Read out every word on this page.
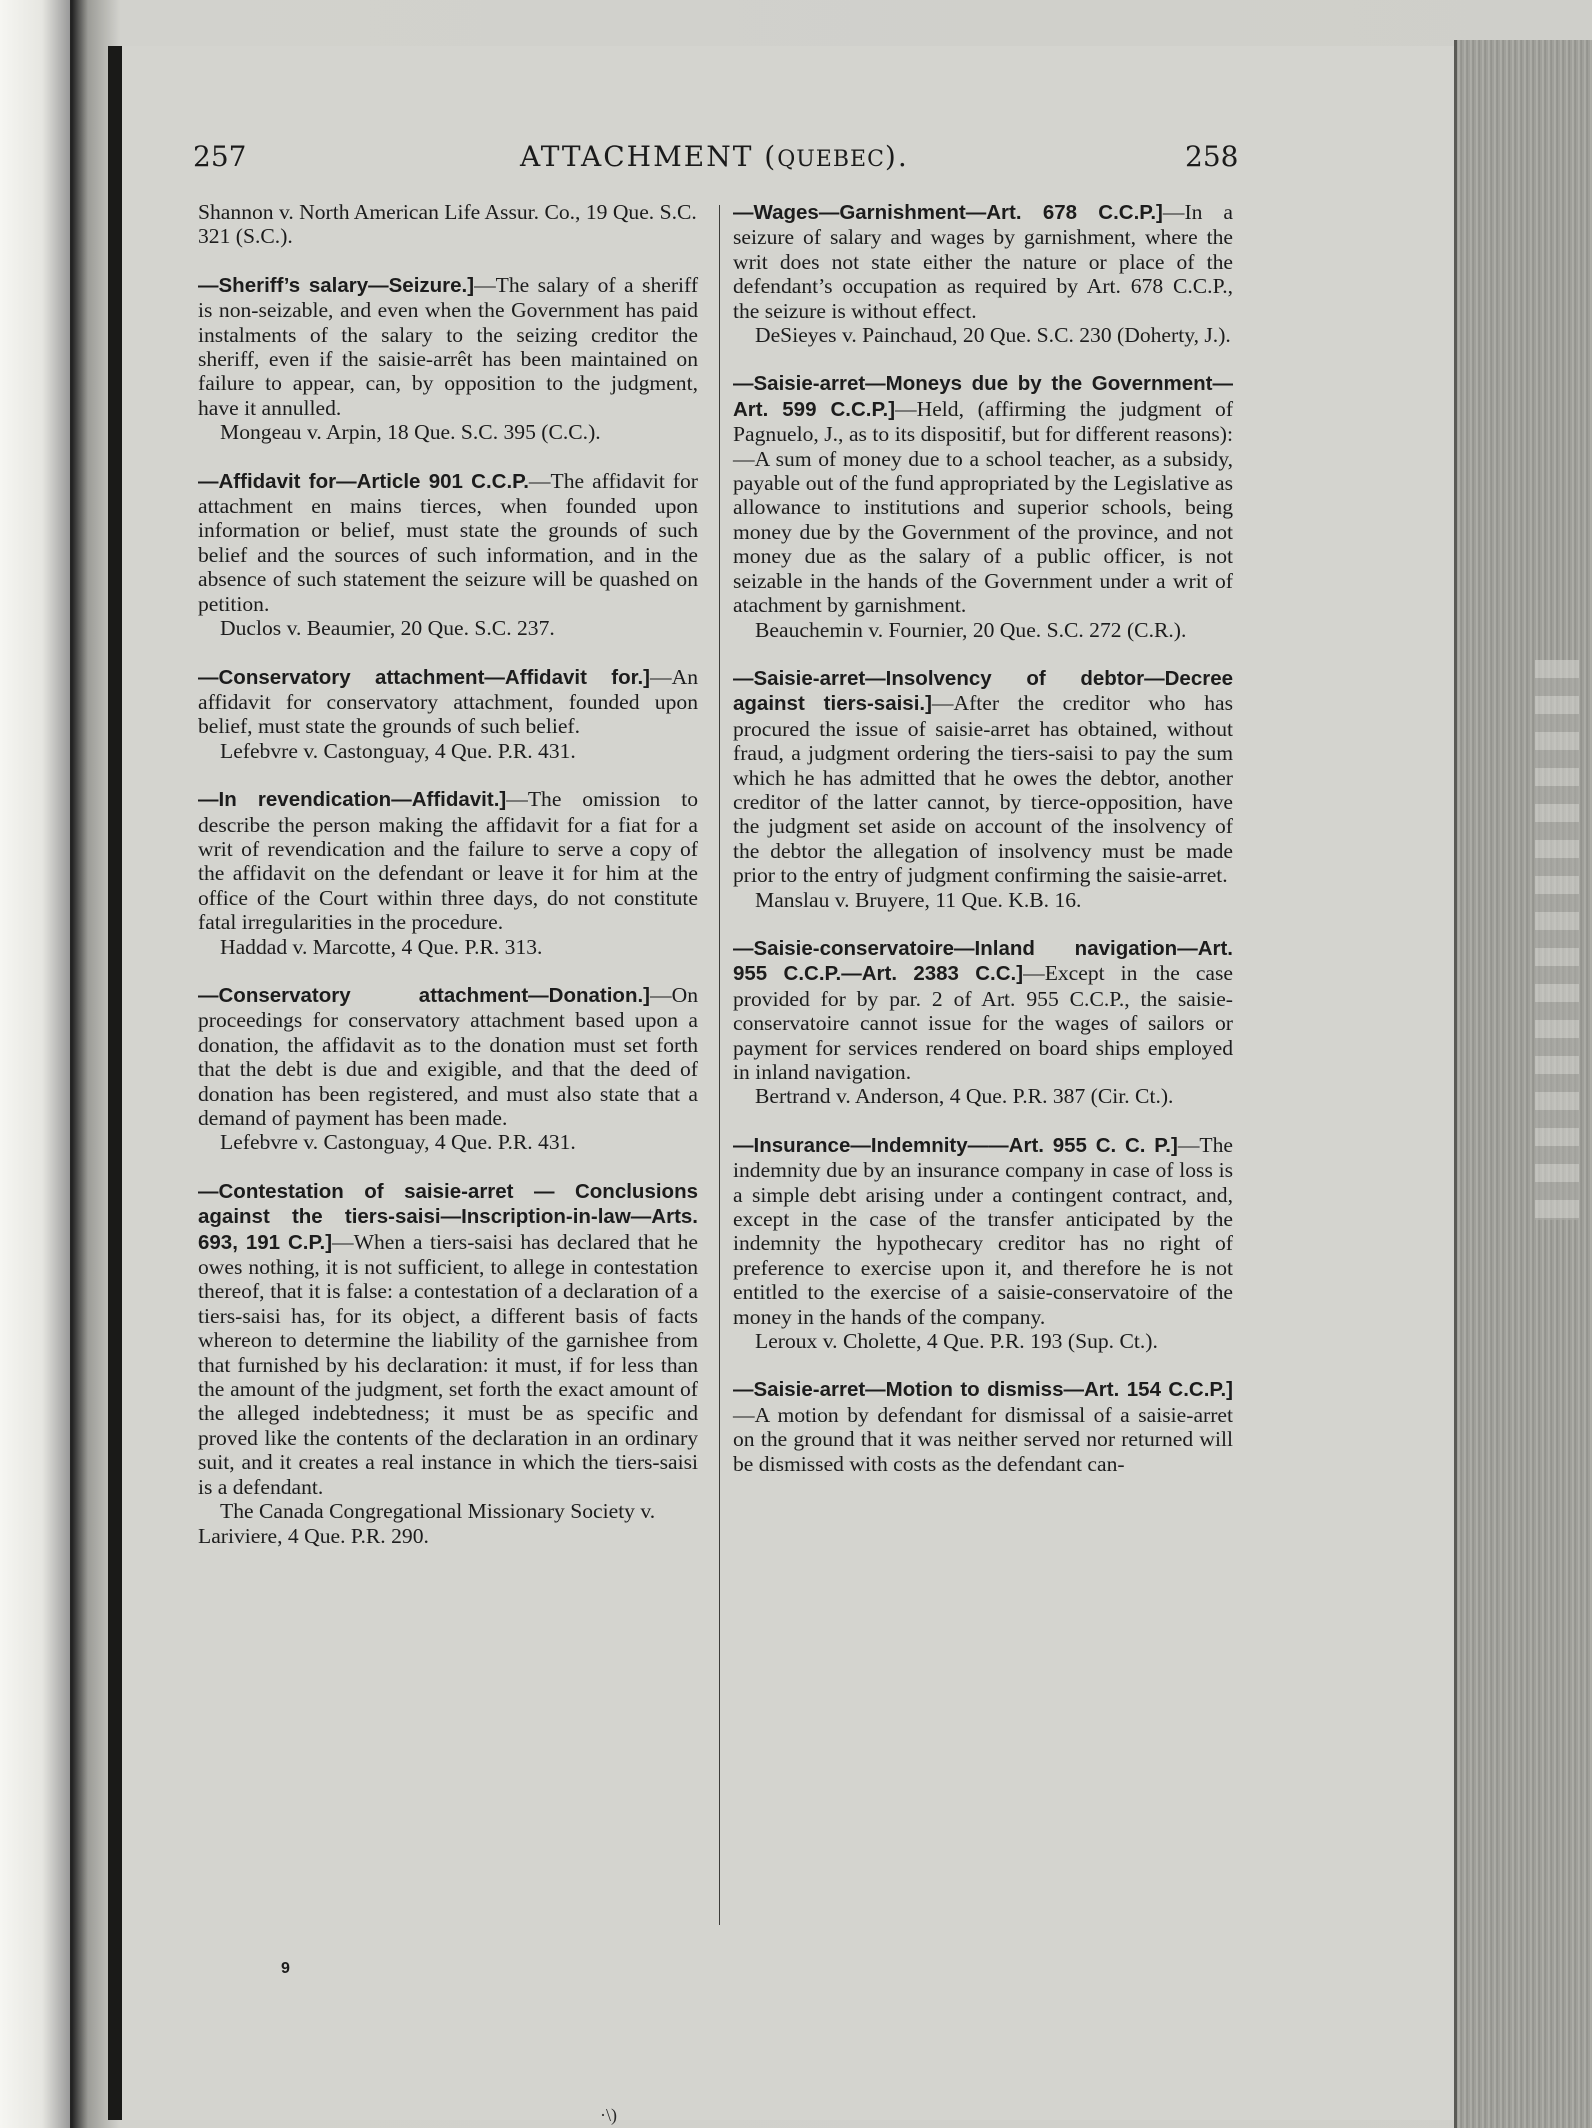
257	ATTACHMENT (QUEBEC).	258

Shannon v. North American Life Assur. Co., 19 Que. S.C. 321 (S.C.).

—Sheriff’s salary—Seizure.]—The salary of a sheriff is non-seizable, and even when the Government has paid instalments of the salary to the seizing creditor the sheriff, even if the saisie-arrêt has been maintained on failure to appear, can, by opposition to the judgment, have it annulled.

Mongeau v. Arpin, 18 Que. S.C. 395 (C.C.).

—Affidavit for—Article 901 C.C.P.—The affidavit for attachment en mains tierces, when founded upon information or belief, must state the grounds of such belief and the sources of such information, and in the absence of such statement the seizure will be quashed on petition.

Duclos v. Beaumier, 20 Que. S.C. 237.

—Conservatory attachment—Affidavit for.]—An affidavit for conservatory attachment, founded upon belief, must state the grounds of such belief.

Lefebvre v. Castonguay, 4 Que. P.R. 431.

—In revendication—Affidavit.]—The omission to describe the person making the affidavit for a fiat for a writ of revendication and the failure to serve a copy of the affidavit on the defendant or leave it for him at the office of the Court within three days, do not constitute fatal irregularities in the procedure.

Haddad v. Marcotte, 4 Que. P.R. 313.

—Conservatory attachment—Donation.]—On proceedings for conservatory attachment based upon a donation, the affidavit as to the donation must set forth that the debt is due and exigible, and that the deed of donation has been registered, and must also state that a demand of payment has been made.

Lefebvre v. Castonguay, 4 Que. P.R. 431.

—Contestation of saisie-arret — Conclusions against the tiers-saisi—Inscription-in-law—Arts. 693, 191 C.P.]—When a tiers-saisi has declared that he owes nothing, it is not sufficient, to allege in contestation thereof, that it is false: a contestation of a declaration of a tiers-saisi has, for its object, a different basis of facts whereon to determine the liability of the garnishee from that furnished by his declaration: it must, if for less than the amount of the judgment, set forth the exact amount of the alleged indebtedness; it must be as specific and proved like the contents of the declaration in an ordinary suit, and it creates a real instance in which the tiers-saisi is a defendant.

The Canada Congregational Missionary Society v. Lariviere, 4 Que. P.R. 290.

—Wages—Garnishment—Art. 678 C.C.P.]—In a seizure of salary and wages by garnishment, where the writ does not state either the nature or place of the defendant’s occupation as required by Art. 678 C.C.P., the seizure is without effect.

DeSieyes v. Painchaud, 20 Que. S.C. 230 (Doherty, J.).

—Saisie-arret—Moneys due by the Government—Art. 599 C.C.P.]—Held, (affirming the judgment of Pagnuelo, J., as to its dispositif, but for different reasons):—A sum of money due to a school teacher, as a subsidy, payable out of the fund appropriated by the Legislative as allowance to institutions and superior schools, being money due by the Government of the province, and not money due as the salary of a public officer, is not seizable in the hands of the Government under a writ of atachment by garnishment.

Beauchemin v. Fournier, 20 Que. S.C. 272 (C.R.).

—Saisie-arret—Insolvency of debtor—Decree against tiers-saisi.]—After the creditor who has procured the issue of saisie-arret has obtained, without fraud, a judgment ordering the tiers-saisi to pay the sum which he has admitted that he owes the debtor, another creditor of the latter cannot, by tierce-opposition, have the judgment set aside on account of the insolvency of the debtor the allegation of insolvency must be made prior to the entry of judgment confirming the saisie-arret.

Manslau v. Bruyere, 11 Que. K.B. 16.

—Saisie-conservatoire—Inland navigation—Art. 955 C.C.P.—Art. 2383 C.C.]—Except in the case provided for by par. 2 of Art. 955 C.C.P., the saisie-conservatoire cannot issue for the wages of sailors or payment for services rendered on board ships employed in inland navigation.

Bertrand v. Anderson, 4 Que. P.R. 387 (Cir. Ct.).

—Insurance—Indemnity——Art. 955 C. C. P.]—The indemnity due by an insurance company in case of loss is a simple debt arising under a contingent contract, and, except in the case of the transfer anticipated by the indemnity the hypothecary creditor has no right of preference to exercise upon it, and therefore he is not entitled to the exercise of a saisie-conservatoire of the money in the hands of the company.

Leroux v. Cholette, 4 Que. P.R. 193 (Sup. Ct.).

—Saisie-arret—Motion to dismiss—Art. 154 C.C.P.]—A motion by defendant for dismissal of a saisie-arret on the ground that it was neither served nor returned will be dismissed with costs as the defendant can-

9
·\)
